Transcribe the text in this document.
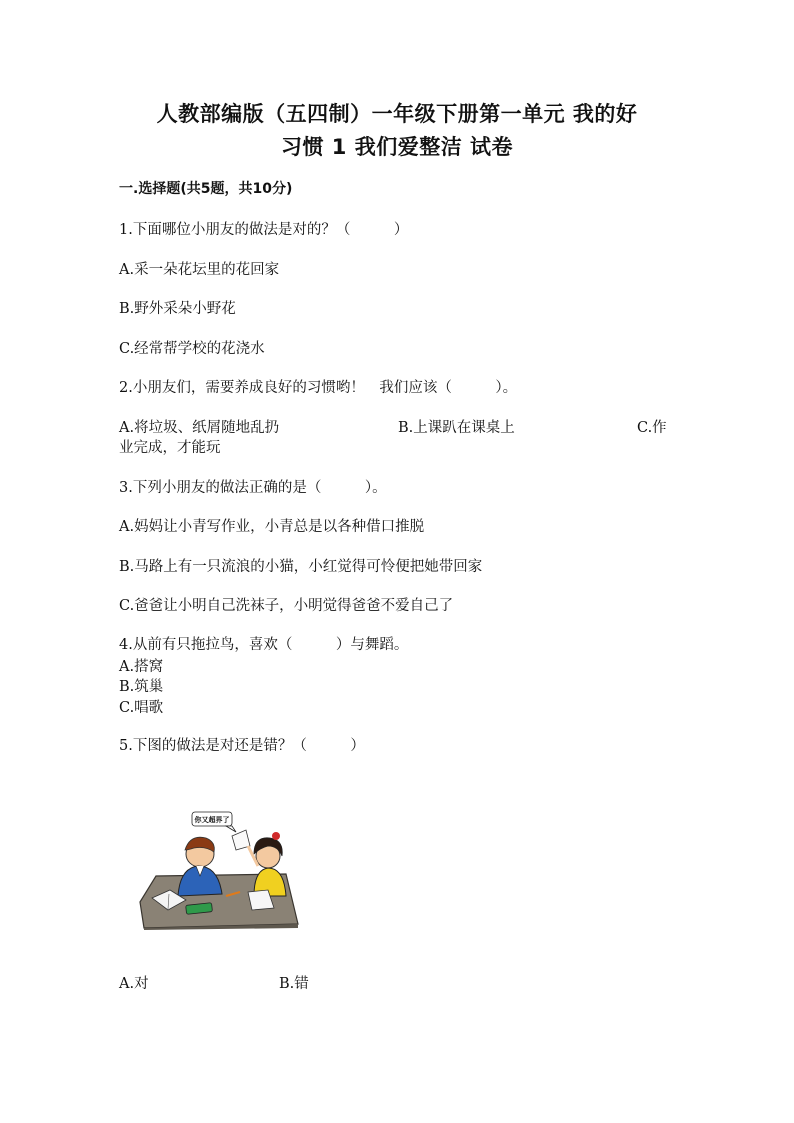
人教部编版（五四制）一年级下册第一单元 我的好
习惯 1 我们爱整洁 试卷
一.选择题(共5题，共10分)
1.下面哪位小朋友的做法是对的？（　　　）
A.采一朵花坛里的花回家
B.野外采朵小野花
C.经常帮学校的花浇水
2.小朋友们，需要养成良好的习惯哟！　我们应该（　　　）。
A.将垃圾、纸屑随地乱扔	B.上课趴在课桌上	C.作
业完成，才能玩
3.下列小朋友的做法正确的是（　　　）。
A.妈妈让小青写作业，小青总是以各种借口推脱
B.马路上有一只流浪的小猫，小红觉得可怜便把她带回家
C.爸爸让小明自己洗袜子，小明觉得爸爸不爱自己了
4.从前有只拖拉鸟，喜欢（　　　）与舞蹈。
A.搭窝
B.筑巢
C.唱歌
5.下图的做法是对还是错？（　　　）
你又超界了
A.对	B.错
